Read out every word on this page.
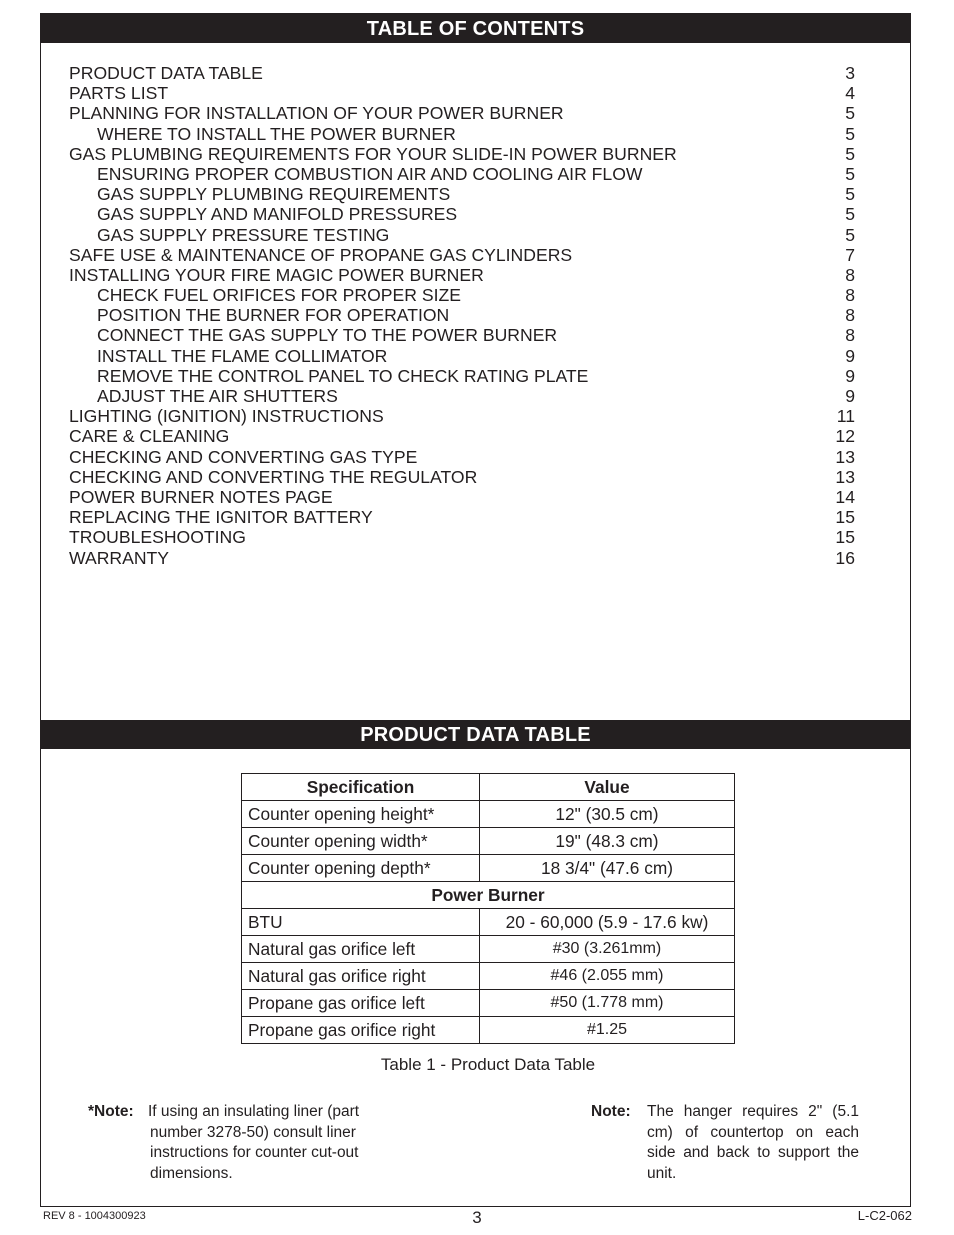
TABLE OF CONTENTS
PRODUCT DATA TABLE	3
PARTS LIST	4
PLANNING FOR INSTALLATION OF YOUR POWER BURNER	5
WHERE TO INSTALL THE POWER BURNER	5
GAS PLUMBING REQUIREMENTS FOR YOUR SLIDE-IN POWER BURNER	5
ENSURING PROPER COMBUSTION AIR AND COOLING AIR FLOW	5
GAS SUPPLY PLUMBING REQUIREMENTS	5
GAS SUPPLY AND MANIFOLD PRESSURES	5
GAS SUPPLY PRESSURE TESTING	5
SAFE USE & MAINTENANCE OF PROPANE GAS CYLINDERS	7
INSTALLING YOUR FIRE MAGIC POWER BURNER	8
CHECK FUEL ORIFICES FOR PROPER SIZE	8
POSITION THE BURNER FOR OPERATION	8
CONNECT THE GAS SUPPLY TO THE POWER BURNER	8
INSTALL THE FLAME COLLIMATOR	9
REMOVE THE CONTROL PANEL TO CHECK RATING PLATE	9
ADJUST THE AIR SHUTTERS	9
LIGHTING (IGNITION) INSTRUCTIONS	11
CARE & CLEANING	12
CHECKING AND CONVERTING GAS TYPE	13
CHECKING AND CONVERTING THE REGULATOR	13
POWER BURNER NOTES PAGE	14
REPLACING THE IGNITOR BATTERY	15
TROUBLESHOOTING	15
WARRANTY	16
PRODUCT DATA TABLE
Specification	Value
Counter opening height*	12" (30.5 cm)
Counter opening width*	19" (48.3 cm)
Counter opening depth*	18 3/4" (47.6 cm)
Power Burner	
BTU	20 - 60,000 (5.9 - 17.6 kw)
Natural gas orifice left	#30 (3.261mm)
Natural gas orifice right	#46 (2.055 mm)
Propane gas orifice left	#50 (1.778 mm)
Propane gas orifice right	#1.25
Table 1 - Product Data Table
*Note: If using an insulating liner (part number 3278-50) consult liner instructions for counter cut-out dimensions.
Note: The hanger requires 2" (5.1 cm) of countertop on each side and back to support the unit.
REV 8 - 1004300923	3	L-C2-062
